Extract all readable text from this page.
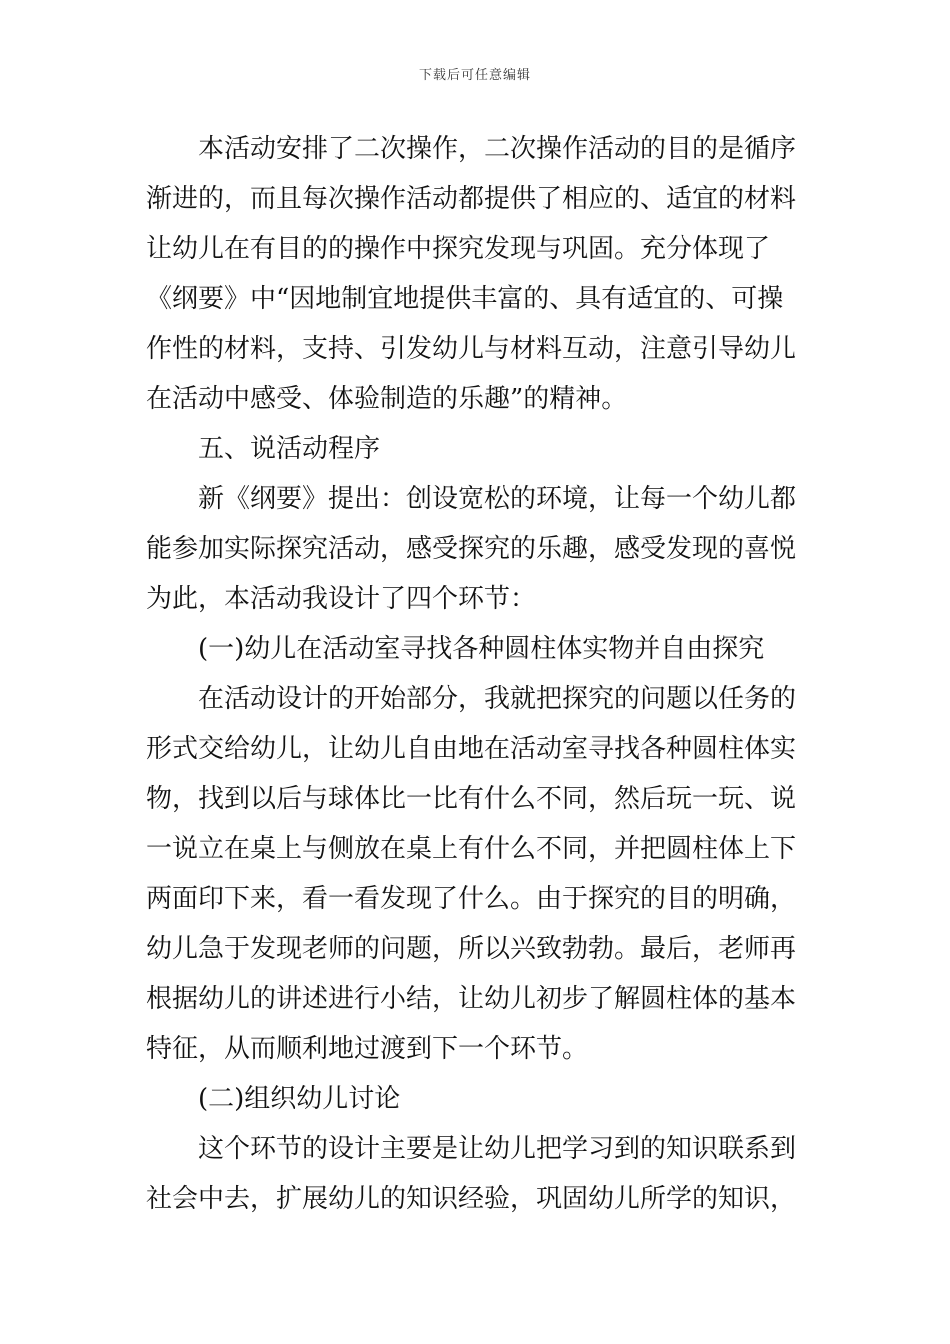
下载后可任意编辑
本活动安排了二次操作，二次操作活动的目的是循序
渐进的，而且每次操作活动都提供了相应的、适宜的材料
让幼儿在有目的的操作中探究发现与巩固。充分体现了
《纲要》中“因地制宜地提供丰富的、具有适宜的、可操
作性的材料，支持、引发幼儿与材料互动，注意引导幼儿
在活动中感受、体验制造的乐趣”的精神。
五、说活动程序
新《纲要》提出：创设宽松的环境，让每一个幼儿都
能参加实际探究活动，感受探究的乐趣，感受发现的喜悦
为此，本活动我设计了四个环节：
(一)幼儿在活动室寻找各种圆柱体实物并自由探究
在活动设计的开始部分，我就把探究的问题以任务的
形式交给幼儿，让幼儿自由地在活动室寻找各种圆柱体实
物，找到以后与球体比一比有什么不同，然后玩一玩、说
一说立在桌上与侧放在桌上有什么不同，并把圆柱体上下
两面印下来，看一看发现了什么。由于探究的目的明确，
幼儿急于发现老师的问题，所以兴致勃勃。最后，老师再
根据幼儿的讲述进行小结，让幼儿初步了解圆柱体的基本
特征，从而顺利地过渡到下一个环节。
(二)组织幼儿讨论
这个环节的设计主要是让幼儿把学习到的知识联系到
社会中去，扩展幼儿的知识经验，巩固幼儿所学的知识，
